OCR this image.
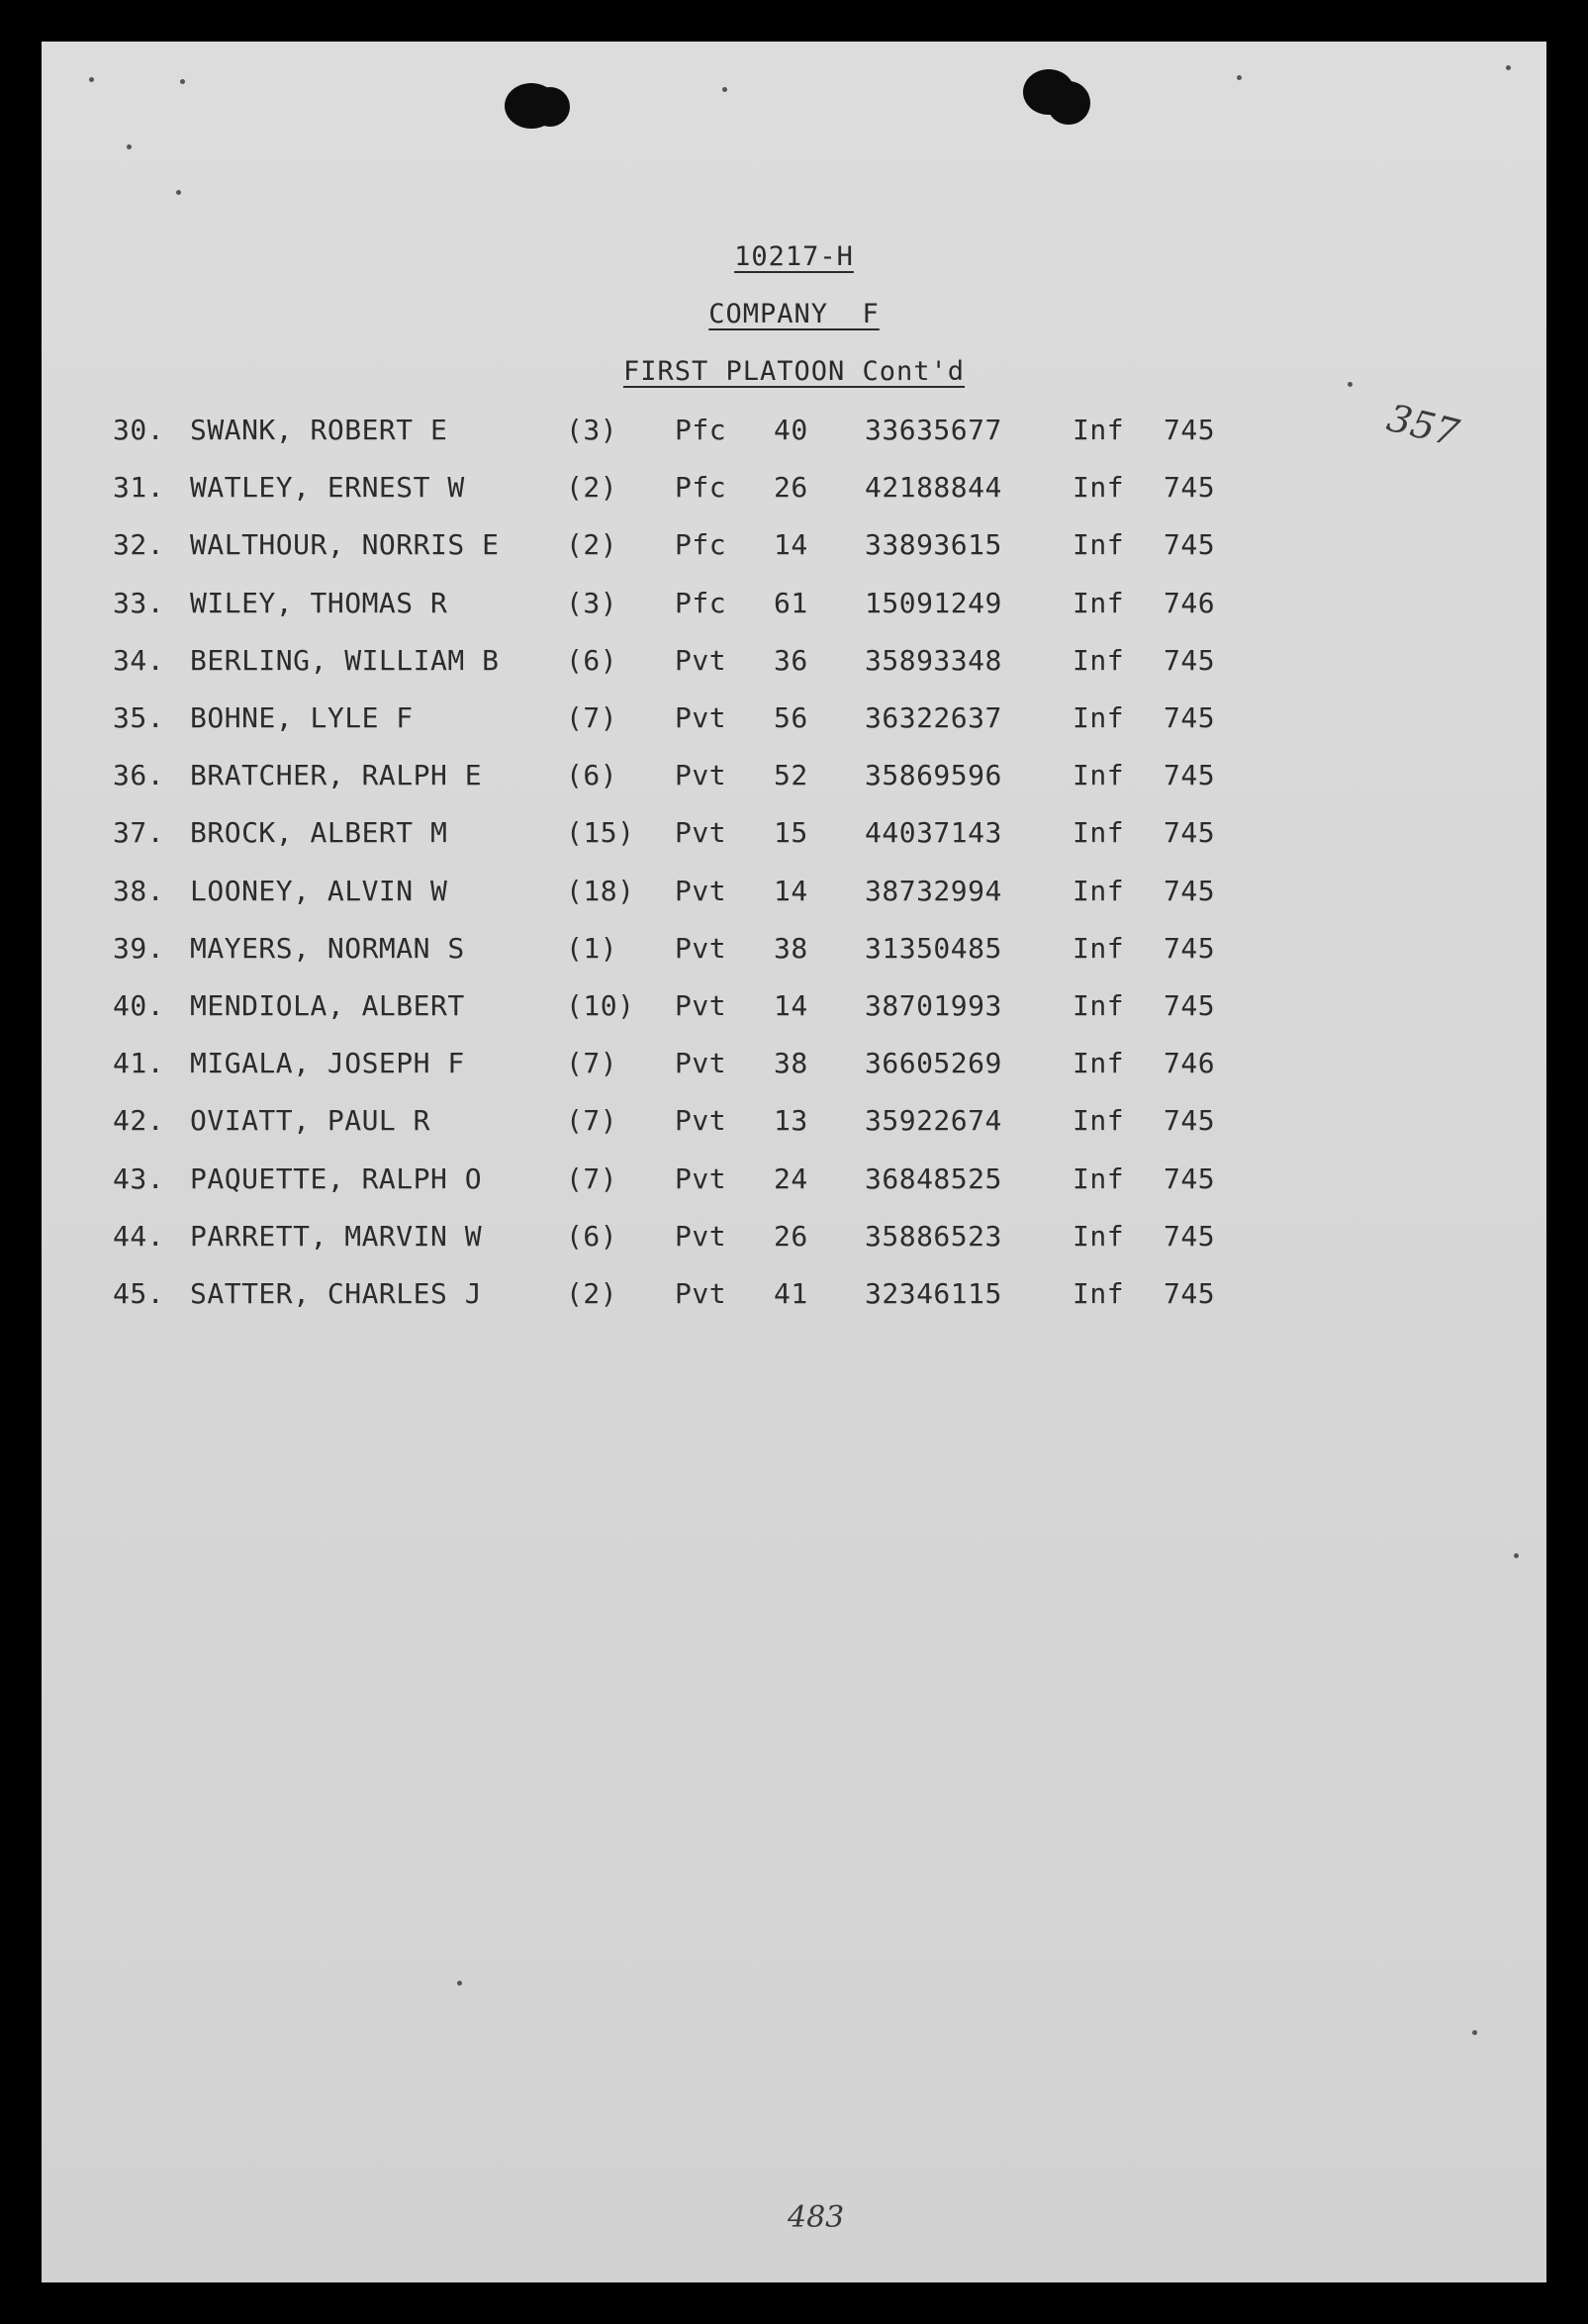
10217-H
COMPANY  F
FIRST PLATOON Cont'd
357
30. SWANK, ROBERT E	(3) Pfc 40 33635677	Inf 745
31. WATLEY, ERNEST W	(2) Pfc 26 42188844	Inf 745
32. WALTHOUR, NORRIS E (2) Pfc 14 33893615	Inf 745
33. WILEY, THOMAS R	(3) Pfc 61 15091249	Inf 746
34. BERLING, WILLIAM B (6) Pvt 36 35893348	Inf 745
35. BOHNE, LYLE F	(7) Pvt 56 36322637	Inf 745
36. BRATCHER, RALPH E	(6) Pvt 52 35869596	Inf 745
37. BROCK, ALBERT M	(15) Pvt 15 44037143	Inf 745
38. LOONEY, ALVIN W	(18) Pvt 14 38732994	Inf 745
39. MAYERS, NORMAN S	(1) Pvt 38 31350485	Inf 745
40. MENDIOLA, ALBERT	(10) Pvt 14 38701993	Inf 745
41. MIGALA, JOSEPH F	(7) Pvt 38 36605269	Inf 746
42. OVIATT, PAUL R	(7) Pvt 13 35922674	Inf 745
43. PAQUETTE, RALPH O	(7) Pvt 24 36848525	Inf 745
44. PARRETT, MARVIN W	(6) Pvt 26 35886523	Inf 745
45. SATTER, CHARLES J	(2) Pvt 41 32346115	Inf 745
483
